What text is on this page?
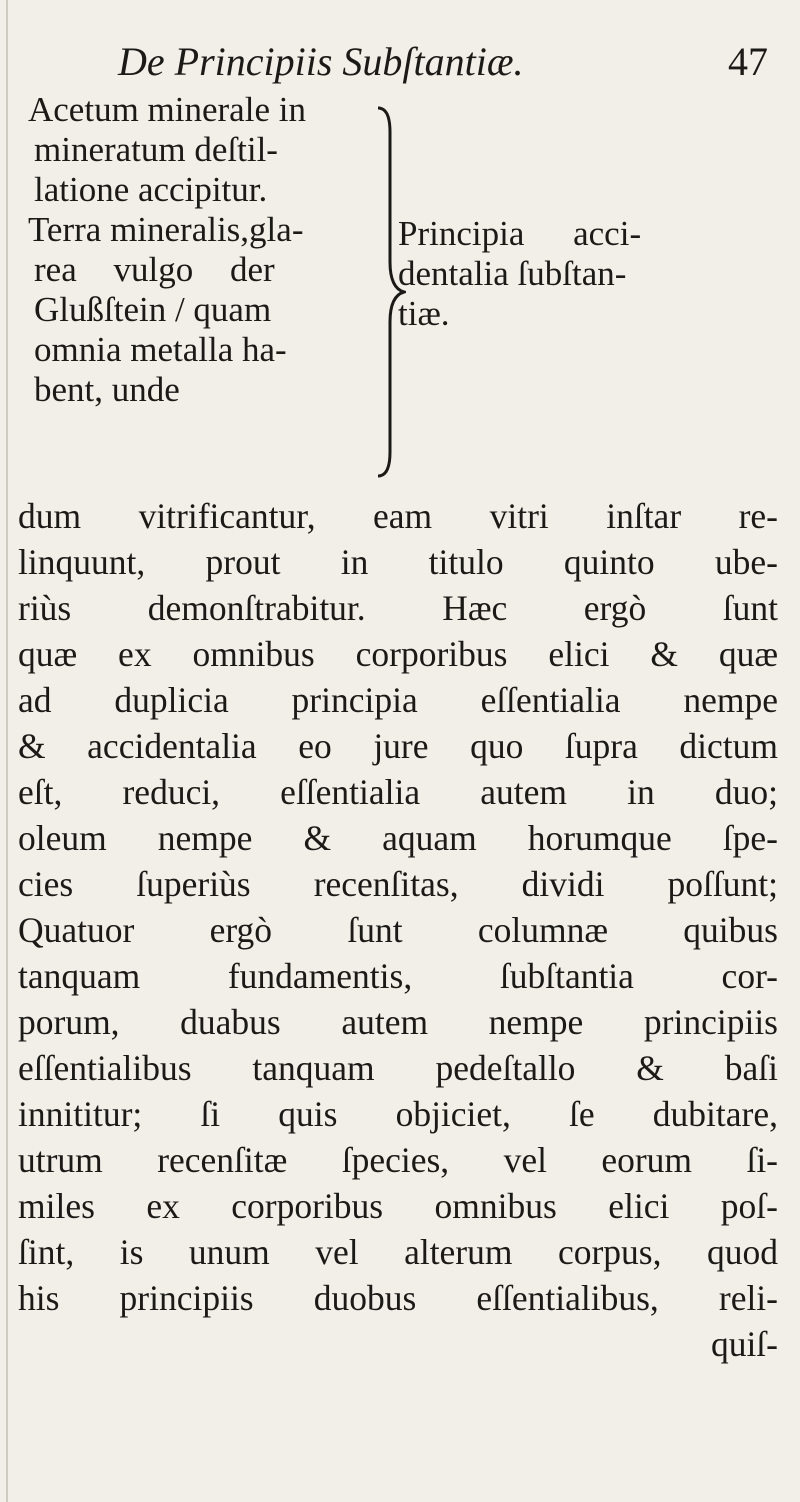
De Principiis Subſtantiæ.	47
Acetum minerale in
mineratum deſtil-
latione accipitur.
Terra mineralis,gla-
rea vulgo der
Glußſtein / quam
omnia metalla ha-
bent, unde
Principia acci-
dentalia ſubſtan-
tiæ.
dum vitrificantur, eam vitri inſtar re-
linquunt, prout in titulo quinto ube-
riùs demonſtrabitur. Hæc ergò ſunt
quæ ex omnibus corporibus elici & quæ
ad duplicia principia eſſentialia nempe
& accidentalia eo jure quo ſupra dictum
eſt, reduci, eſſentialia autem in duo;
oleum nempe & aquam horumque ſpe-
cies ſuperiùs recenſitas, dividi poſſunt;
Quatuor ergò ſunt columnæ quibus
tanquam fundamentis, ſubſtantia cor-
porum, duabus autem nempe principiis
eſſentialibus tanquam pedeſtallo & baſi
innititur; ſi quis objiciet, ſe dubitare,
utrum recenſitæ ſpecies, vel eorum ſi-
miles ex corporibus omnibus elici poſ-
ſint, is unum vel alterum corpus, quod
his principiis duobus eſſentialibus, reli-
quiſ-
